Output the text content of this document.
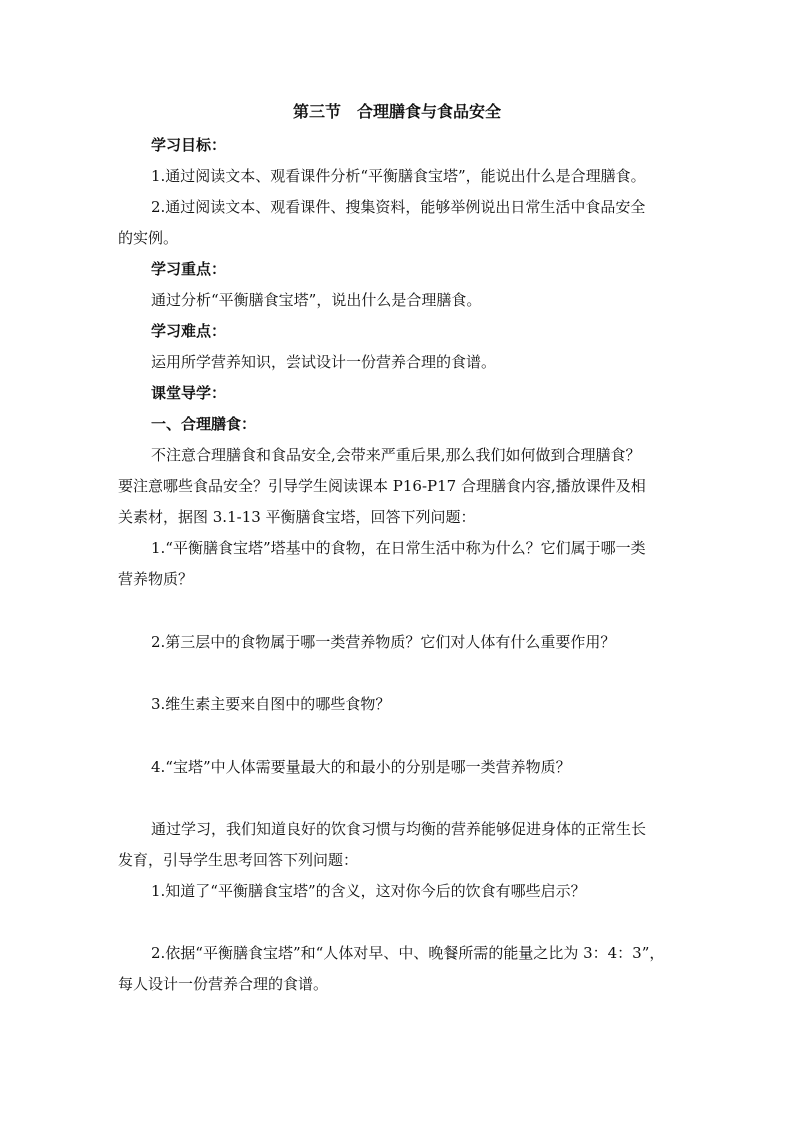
第三节　合理膳食与食品安全
学习目标：
1.通过阅读文本、观看课件分析“平衡膳食宝塔”，能说出什么是合理膳食。
2.通过阅读文本、观看课件、搜集资料，能够举例说出日常生活中食品安全
的实例。
学习重点：
通过分析“平衡膳食宝塔”，说出什么是合理膳食。
学习难点：
运用所学营养知识，尝试设计一份营养合理的食谱。
课堂导学：
一、合理膳食：
不注意合理膳食和食品安全,会带来严重后果,那么我们如何做到合理膳食？
要注意哪些食品安全？引导学生阅读课本 P16-P17 合理膳食内容,播放课件及相
关素材，据图 3.1-13 平衡膳食宝塔，回答下列问题：
1.“平衡膳食宝塔”塔基中的食物，在日常生活中称为什么？它们属于哪一类
营养物质？
2.第三层中的食物属于哪一类营养物质？它们对人体有什么重要作用？
3.维生素主要来自图中的哪些食物？
4.“宝塔”中人体需要量最大的和最小的分别是哪一类营养物质？
通过学习，我们知道良好的饮食习惯与均衡的营养能够促进身体的正常生长
发育，引导学生思考回答下列问题：
1.知道了“平衡膳食宝塔”的含义，这对你今后的饮食有哪些启示？
2.依据“平衡膳食宝塔”和“人体对早、中、晚餐所需的能量之比为 3：4：3”，
每人设计一份营养合理的食谱。
